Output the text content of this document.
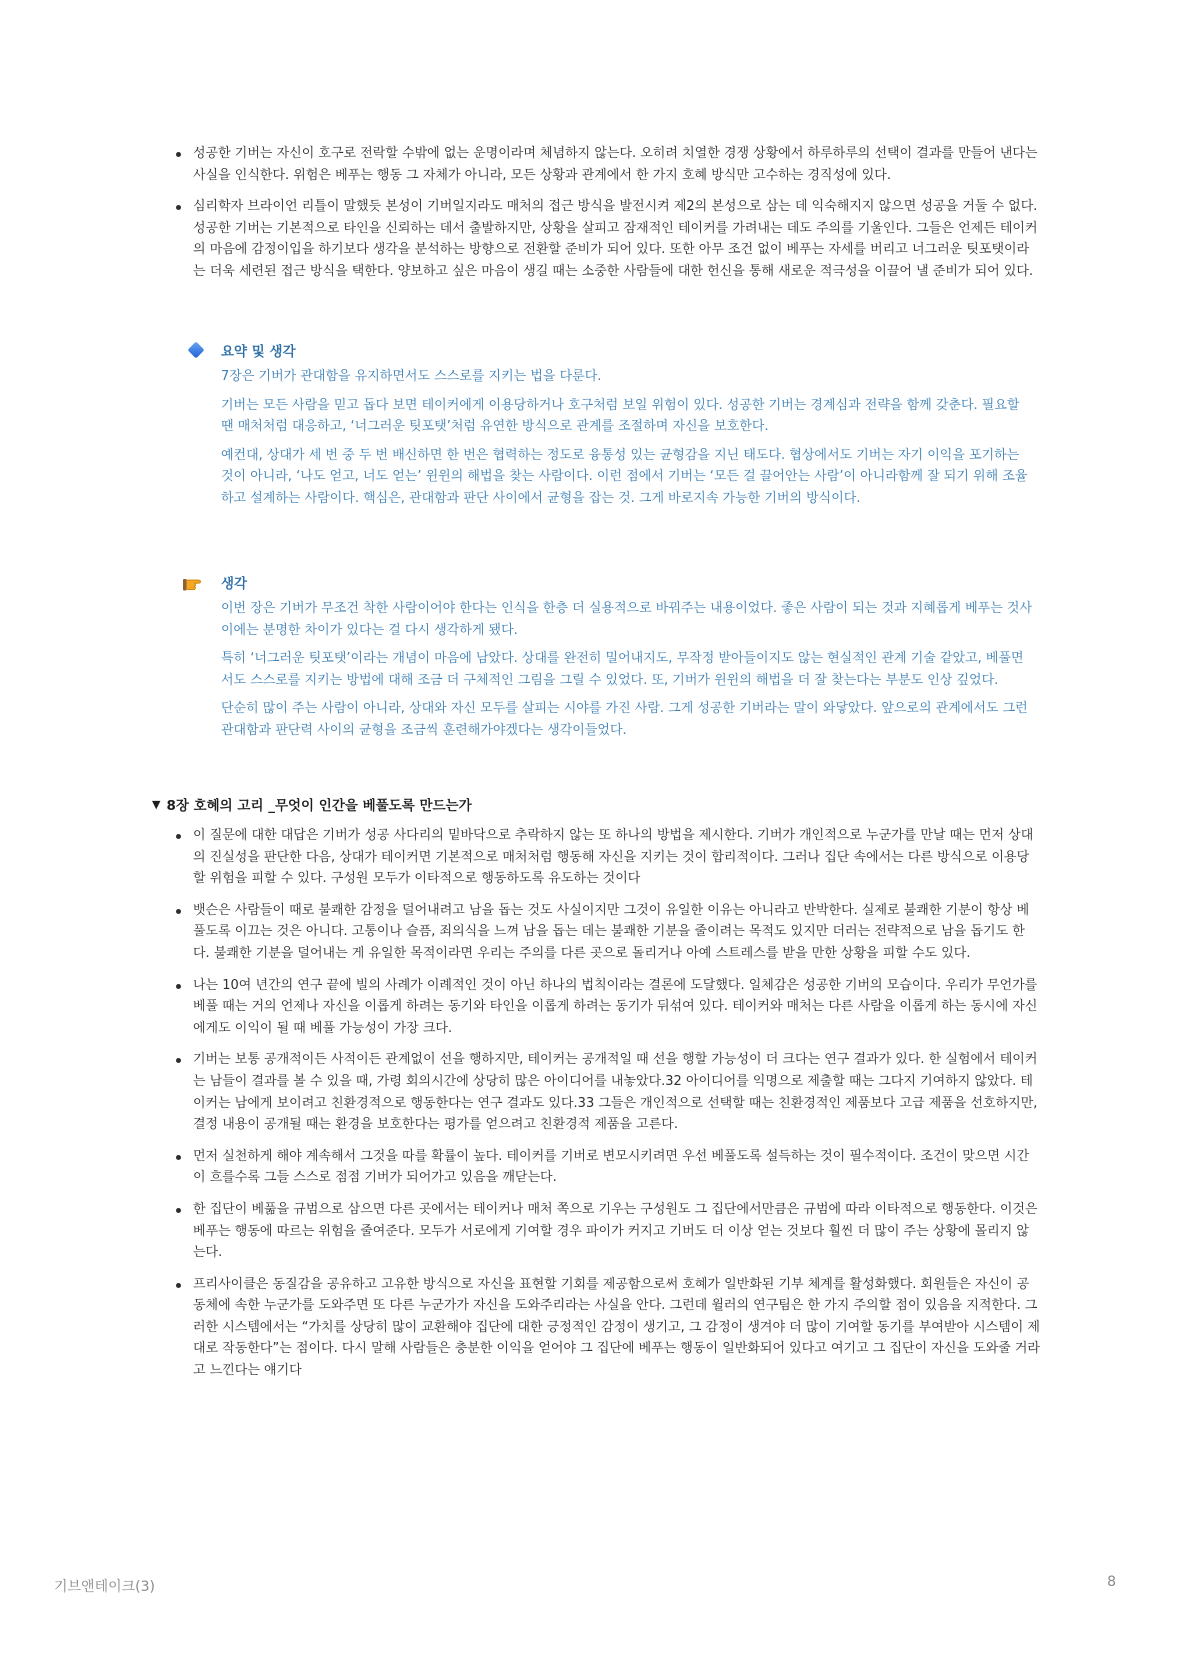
성공한 기버는 자신이 호구로 전락할 수밖에 없는 운명이라며 체념하지 않는다. 오히려 치열한 경쟁 상황에서 하루하루의 선택이 결과를 만들어 낸다는 사실을 인식한다. 위험은 베푸는 행동 그 자체가 아니라, 모든 상황과 관계에서 한 가지 호혜 방식만 고수하는 경직성에 있다.
심리학자 브라이언 리틀이 말했듯 본성이 기버일지라도 매처의 접근 방식을 발전시켜 제2의 본성으로 삼는 데 익숙해지지 않으면 성공을 거둘 수 없다. 성공한 기버는 기본적으로 타인을 신뢰하는 데서 출발하지만, 상황을 살피고 잠재적인 테이커를 가려내는 데도 주의를 기울인다. 그들은 언제든 테이커의 마음에 감정이입을 하기보다 생각을 분석하는 방향으로 전환할 준비가 되어 있다. 또한 아무 조건 없이 베푸는 자세를 버리고 너그러운 팃포탯이라는 더욱 세련된 접근 방식을 택한다. 양보하고 싶은 마음이 생길 때는 소중한 사람들에 대한 헌신을 통해 새로운 적극성을 이끌어 낼 준비가 되어 있다.
요약 및 생각

7장은 기버가 관대함을 유지하면서도 스스로를 지키는 법을 다룬다.

기버는 모든 사람을 믿고 돕다 보면 테이커에게 이용당하거나 호구처럼 보일 위험이 있다. 성공한 기버는 경계심과 전략을 함께 갖춘다. 필요할 땐 매처처럼 대응하고, ‘너그러운 팃포탯’처럼 유연한 방식으로 관계를 조절하며 자신을 보호한다.

예컨대, 상대가 세 번 중 두 번 배신하면 한 번은 협력하는 정도로 융통성 있는 균형감을 지닌 태도다. 협상에서도 기버는 자기 이익을 포기하는 것이 아니라, ‘나도 얻고, 너도 얻는’ 윈윈의 해법을 찾는 사람이다. 이런 점에서 기버는 ‘모든 걸 끌어안는 사람’이 아니라함께 잘 되기 위해 조율하고 설계하는 사람이다. 핵심은, 관대함과 판단 사이에서 균형을 잡는 것. 그게 바로지속 가능한 기버의 방식이다.

생각

이번 장은 기버가 무조건 착한 사람이어야 한다는 인식을 한층 더 실용적으로 바꿔주는 내용이었다. 좋은 사람이 되는 것과 지혜롭게 베푸는 것사이에는 분명한 차이가 있다는 걸 다시 생각하게 됐다.

특히 ‘너그러운 팃포탯’이라는 개념이 마음에 남았다. 상대를 완전히 밀어내지도, 무작정 받아들이지도 않는 현실적인 관계 기술 같았고, 베풀면서도 스스로를 지키는 방법에 대해 조금 더 구체적인 그림을 그릴 수 있었다. 또, 기버가 윈윈의 해법을 더 잘 찾는다는 부분도 인상 깊었다.

단순히 많이 주는 사람이 아니라, 상대와 자신 모두를 살피는 시야를 가진 사람. 그게 성공한 기버라는 말이 와닿았다. 앞으로의 관계에서도 그런 관대함과 판단력 사이의 균형을 조금씩 훈련해가야겠다는 생각이들었다.

▼ 8장 호혜의 고리 _무엇이 인간을 베풀도록 만드는가
이 질문에 대한 대답은 기버가 성공 사다리의 밑바닥으로 추락하지 않는 또 하나의 방법을 제시한다. 기버가 개인적으로 누군가를 만날 때는 먼저 상대의 진실성을 판단한 다음, 상대가 테이커면 기본적으로 매처처럼 행동해 자신을 지키는 것이 합리적이다. 그러나 집단 속에서는 다른 방식으로 이용당할 위험을 피할 수 있다. 구성원 모두가 이타적으로 행동하도록 유도하는 것이다
뱃슨은 사람들이 때로 불쾌한 감정을 덜어내려고 남을 돕는 것도 사실이지만 그것이 유일한 이유는 아니라고 반박한다. 실제로 불쾌한 기분이 항상 베풀도록 이끄는 것은 아니다. 고통이나 슬픔, 죄의식을 느껴 남을 돕는 데는 불쾌한 기분을 줄이려는 목적도 있지만 더러는 전략적으로 남을 돕기도 한다. 불쾌한 기분을 덜어내는 게 유일한 목적이라면 우리는 주의를 다른 곳으로 돌리거나 아예 스트레스를 받을 만한 상황을 피할 수도 있다.
나는 10여 년간의 연구 끝에 빌의 사례가 이례적인 것이 아닌 하나의 법칙이라는 결론에 도달했다. 일체감은 성공한 기버의 모습이다. 우리가 무언가를 베풀 때는 거의 언제나 자신을 이롭게 하려는 동기와 타인을 이롭게 하려는 동기가 뒤섞여 있다. 테이커와 매처는 다른 사람을 이롭게 하는 동시에 자신에게도 이익이 될 때 베풀 가능성이 가장 크다.
기버는 보통 공개적이든 사적이든 관계없이 선을 행하지만, 테이커는 공개적일 때 선을 행할 가능성이 더 크다는 연구 결과가 있다. 한 실험에서 테이커는 남들이 결과를 볼 수 있을 때, 가령 회의시간에 상당히 많은 아이디어를 내놓았다.32 아이디어를 익명으로 제출할 때는 그다지 기여하지 않았다. 테이커는 남에게 보이려고 친환경적으로 행동한다는 연구 결과도 있다.33 그들은 개인적으로 선택할 때는 친환경적인 제품보다 고급 제품을 선호하지만, 결정 내용이 공개될 때는 환경을 보호한다는 평가를 얻으려고 친환경적 제품을 고른다.
먼저 실천하게 해야 계속해서 그것을 따를 확률이 높다. 테이커를 기버로 변모시키려면 우선 베풀도록 설득하는 것이 필수적이다. 조건이 맞으면 시간이 흐를수록 그들 스스로 점점 기버가 되어가고 있음을 깨닫는다.
한 집단이 베풂을 규범으로 삼으면 다른 곳에서는 테이커나 매처 쪽으로 기우는 구성원도 그 집단에서만큼은 규범에 따라 이타적으로 행동한다. 이것은 베푸는 행동에 따르는 위험을 줄여준다. 모두가 서로에게 기여할 경우 파이가 커지고 기버도 더 이상 얻는 것보다 훨씬 더 많이 주는 상황에 몰리지 않는다.
프리사이클은 동질감을 공유하고 고유한 방식으로 자신을 표현할 기회를 제공함으로써 호혜가 일반화된 기부 체계를 활성화했다. 회원들은 자신이 공동체에 속한 누군가를 도와주면 또 다른 누군가가 자신을 도와주리라는 사실을 안다. 그런데 윌러의 연구팀은 한 가지 주의할 점이 있음을 지적한다. 그러한 시스템에서는 “가치를 상당히 많이 교환해야 집단에 대한 긍정적인 감정이 생기고, 그 감정이 생겨야 더 많이 기여할 동기를 부여받아 시스템이 제대로 작동한다”는 점이다. 다시 말해 사람들은 충분한 이익을 얻어야 그 집단에 베푸는 행동이 일반화되어 있다고 여기고 그 집단이 자신을 도와줄 거라고 느낀다는 얘기다
기브앤테이크(3)	8
